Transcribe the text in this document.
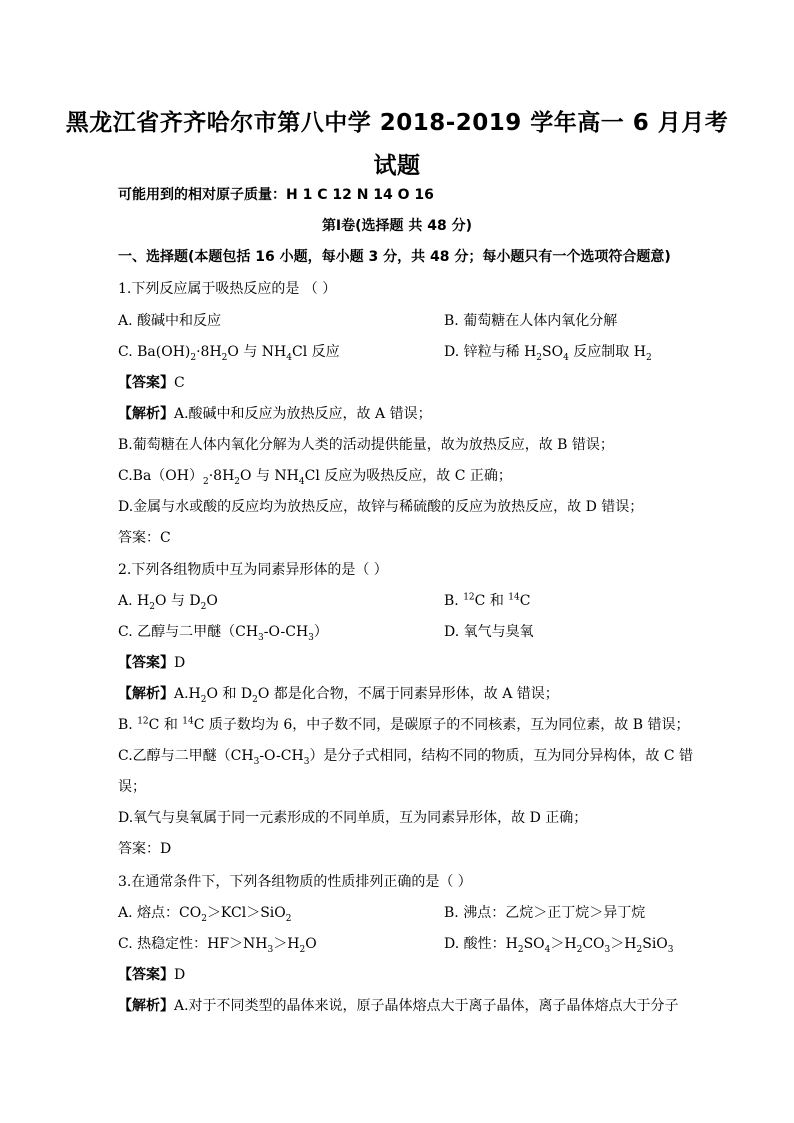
黑龙江省齐齐哈尔市第八中学 2018-2019 学年高一 6 月月考
试题
可能用到的相对原子质量：H 1 C 12 N 14 O 16
第Ⅰ卷(选择题 共 48 分)
一、选择题(本题包括 16 小题，每小题 3 分，共 48 分；每小题只有一个选项符合题意)
1.下列反应属于吸热反应的是 （ ）
A. 酸碱中和反应	B. 葡萄糖在人体内氧化分解
C. $Ba(OH)_2\cdot 8H_2O$ 与 $NH_4Cl$ 反应	D. 锌粒与稀 $H_2SO_4$ 反应制取 $H_2$
【答案】C
【解析】A.酸碱中和反应为放热反应，故 A 错误；
B.葡萄糖在人体内氧化分解为人类的活动提供能量，故为放热反应，故 B 错误；
$C.Ba(OH)_2\cdot 8H_2O$ 与 $NH_4Cl$ 反应为吸热反应，故 C 正确；
D.金属与水或酸的反应均为放热反应，故锌与稀硫酸的反应为放热反应，故 D 错误；
答案：C
2.下列各组物质中互为同素异形体的是（ ）
A. $H_2O$ 与 $D_2O$	B. $^{12}$C 和 $^{14}$C
C. 乙醇与二甲醚$(CH_3-O-CH_3)$	D. 氧气与臭氧
【答案】D
【解析】$A.H_2O$ 和 $D_2O$ 都是化合物，不属于同素异形体，故 A 错误；
B. $^{12}$C 和 $^{14}$C 质子数均为 6，中子数不同，是碳原子的不同核素，互为同位素，故 B 错误；
C.乙醇与二甲醚$(CH_3-O-CH_3)$是分子式相同，结构不同的物质，互为同分异构体，故 C 错
误；
D.氧气与臭氧属于同一元素形成的不同单质，互为同素异形体，故 D 正确；
答案：D
3.在通常条件下，下列各组物质的性质排列正确的是（ ）
A. 熔点：$CO_2>KCl>SiO_2$	B. 沸点：乙烷＞正丁烷＞异丁烷
C. 热稳定性：$HF>NH_3>H_2O$	D. 酸性：$H_2SO_4>H_2CO_3>H_2SiO_3$
【答案】D
【解析】A.对于不同类型的晶体来说，原子晶体熔点大于离子晶体，离子晶体熔点大于分子
